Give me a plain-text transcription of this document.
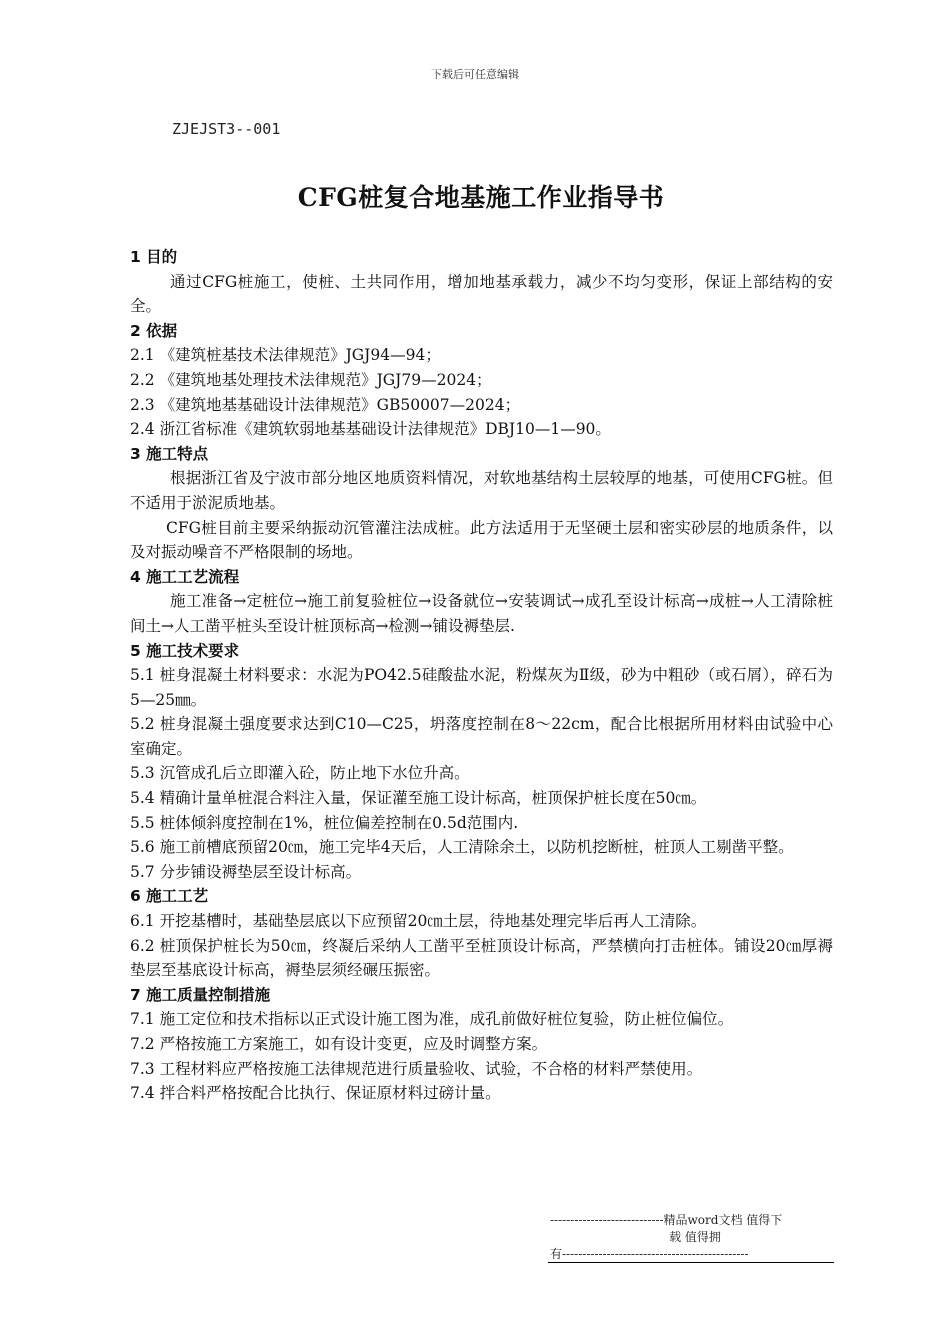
下载后可任意编辑
ZJEJST3--001
CFG桩复合地基施工作业指导书

1 目的

通过CFG桩施工，使桩、土共同作用，增加地基承载力，减少不均匀变形，保证上部结构的安全。

2 依据

2.1 《建筑桩基技术法律规范》JGJ94—94；

2.2 《建筑地基处理技术法律规范》JGJ79—2024；

2.3 《建筑地基基础设计法律规范》GB50007—2024；

2.4 浙江省标准《建筑软弱地基基础设计法律规范》DBJ10—1—90。

3 施工特点

根据浙江省及宁波市部分地区地质资料情况，对软地基结构土层较厚的地基，可使用CFG桩。但不适用于淤泥质地基。

CFG桩目前主要采纳振动沉管灌注法成桩。此方法适用于无坚硬土层和密实砂层的地质条件，以及对振动噪音不严格限制的场地。

4 施工工艺流程

施工准备→定桩位→施工前复验桩位→设备就位→安装调试→成孔至设计标高→成桩→人工清除桩间土→人工凿平桩头至设计桩顶标高→检测→铺设褥垫层.

5 施工技术要求

5.1 桩身混凝土材料要求：水泥为PO42.5硅酸盐水泥，粉煤灰为Ⅱ级，砂为中粗砂（或石屑），碎石为5—25㎜。

5.2 桩身混凝土强度要求达到C10—C25，坍落度控制在8～22cm，配合比根据所用材料由试验中心室确定。

5.3 沉管成孔后立即灌入砼，防止地下水位升高。

5.4 精确计量单桩混合料注入量，保证灌至施工设计标高，桩顶保护桩长度在50㎝。

5.5 桩体倾斜度控制在1%，桩位偏差控制在0.5d范围内.

5.6 施工前槽底预留20㎝，施工完毕4天后，人工清除余土，以防机挖断桩，桩顶人工剔凿平整。

5.7 分步铺设褥垫层至设计标高。

6 施工工艺

6.1 开挖基槽时，基础垫层底以下应预留20㎝土层，待地基处理完毕后再人工清除。

6.2 桩顶保护桩长为50㎝，终凝后采纳人工凿平至桩顶设计标高，严禁横向打击桩体。铺设20㎝厚褥垫层至基底设计标高，褥垫层须经碾压振密。

7 施工质量控制措施

7.1 施工定位和技术指标以正式设计施工图为准，成孔前做好桩位复验，防止桩位偏位。

7.2 严格按施工方案施工，如有设计变更，应及时调整方案。

7.3 工程材料应严格按施工法律规范进行质量验收、试验，不合格的材料严禁使用。

7.4 拌合料严格按配合比执行、保证原材料过磅计量。

----------------------------精品word文档 值得下
载 值得拥
有----------------------------------------------
